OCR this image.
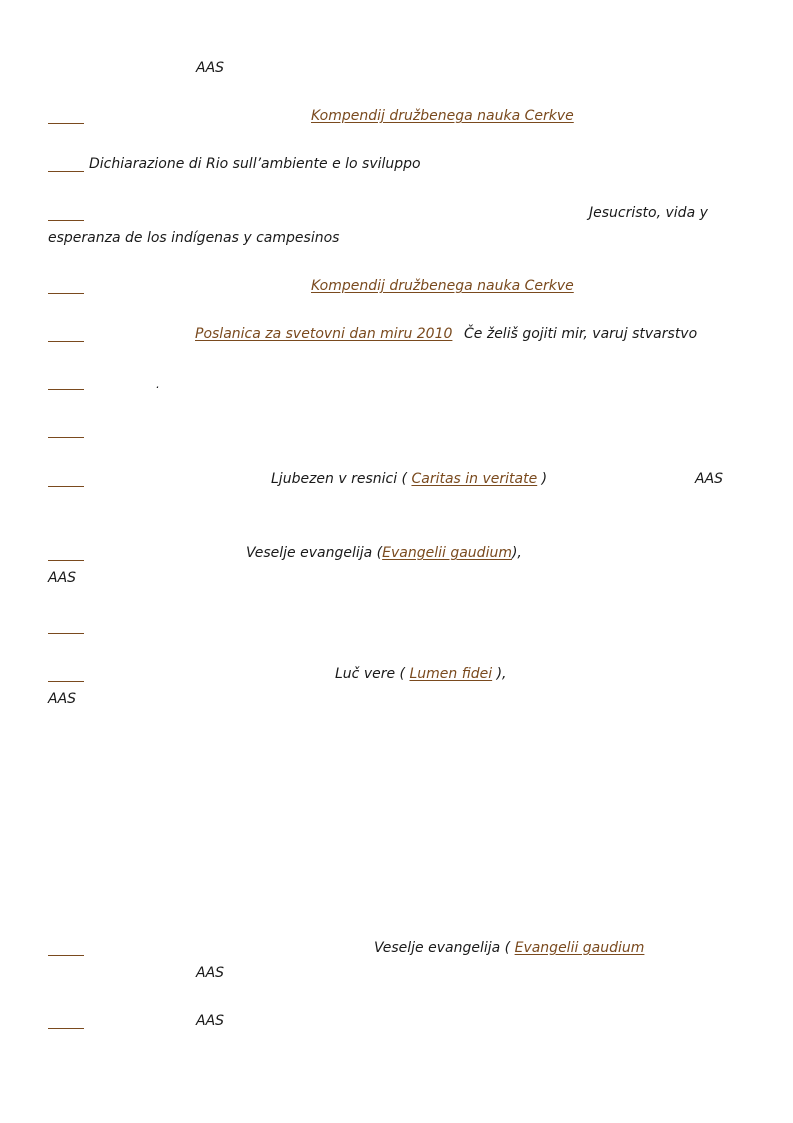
AAS
Kompendij družbenega nauka Cerkve
Dichiarazione di Rio sull’ambiente e lo sviluppo
Jesucristo, vida y
esperanza de los indígenas y campesinos
Kompendij družbenega nauka Cerkve
Poslanica za svetovni dan miru 2010 Če želiš gojiti mir, varuj stvarstvo
.
Ljubezen v resnici ( Caritas in veritate )	AAS
Veselje evangelija (Evangelii gaudium),
AAS
Luč vere ( Lumen fidei ),
AAS
Veselje evangelija ( Evangelii gaudium
AAS
AAS
